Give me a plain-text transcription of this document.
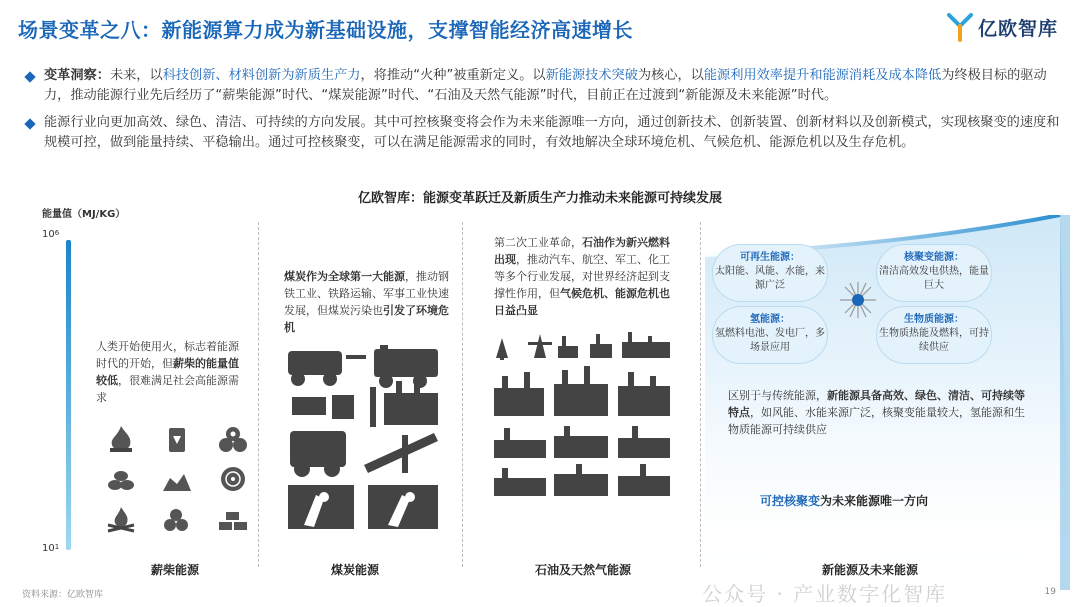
场景变革之八：新能源算力成为新基础设施，支撑智能经济高速增长	亿欧智库
变革洞察：未来，以科技创新、材料创新为新质生产力，将推动“火种”被重新定义。以新能源技术突破为核心，以能源利用效率提升和能源消耗及成本降低为终极目标的驱动力，推动能源行业先后经历了“薪柴能源”时代、“煤炭能源”时代、“石油及天然气能源”时代，目前正在过渡到“新能源及未来能源”时代。
能源行业向更加高效、绿色、清洁、可持续的方向发展。其中可控核聚变将会作为未来能源唯一方向，通过创新技术、创新装置、创新材料以及创新模式，实现核聚变的速度和规模可控，做到能量持续、平稳输出。通过可控核聚变，可以在满足能源需求的同时，有效地解决全球环境危机、气候危机、能源危机以及生存危机。
亿欧智库：能源变革跃迁及新质生产力推动未来能源可持续发展
能量值（MJ/KG）
$10^6$
$10^1$
人类开始使用火，标志着能源时代的开始，但薪柴的能量值较低，很难满足社会高能源需求
薪柴能源
煤炭作为全球第一大能源，推动钢铁工业、铁路运输、军事工业快速发展，但煤炭污染也引发了环境危机
煤炭能源
第二次工业革命，石油作为新兴燃料出现，推动汽车、航空、军工、化工等多个行业发展，对世界经济起到支撑性作用，但气候危机、能源危机也日益凸显
石油及天然气能源
可再生能源：
太阳能、风能、水能，来源广泛
核聚变能源：
清洁高效发电供热，能量巨大
氢能源：
氢燃料电池、发电厂，多场景应用
生物质能源：
生物质热能及燃料，可持续供应
区别于与传统能源，新能源具备高效、绿色、清洁、可持续等特点，如风能、水能来源广泛，核聚变能量较大，氢能源和生物质能源可持续供应
可控核聚变为未来能源唯一方向
新能源及未来能源
资料来源：亿欧智库	公众号 · 产业数字化智库	19
